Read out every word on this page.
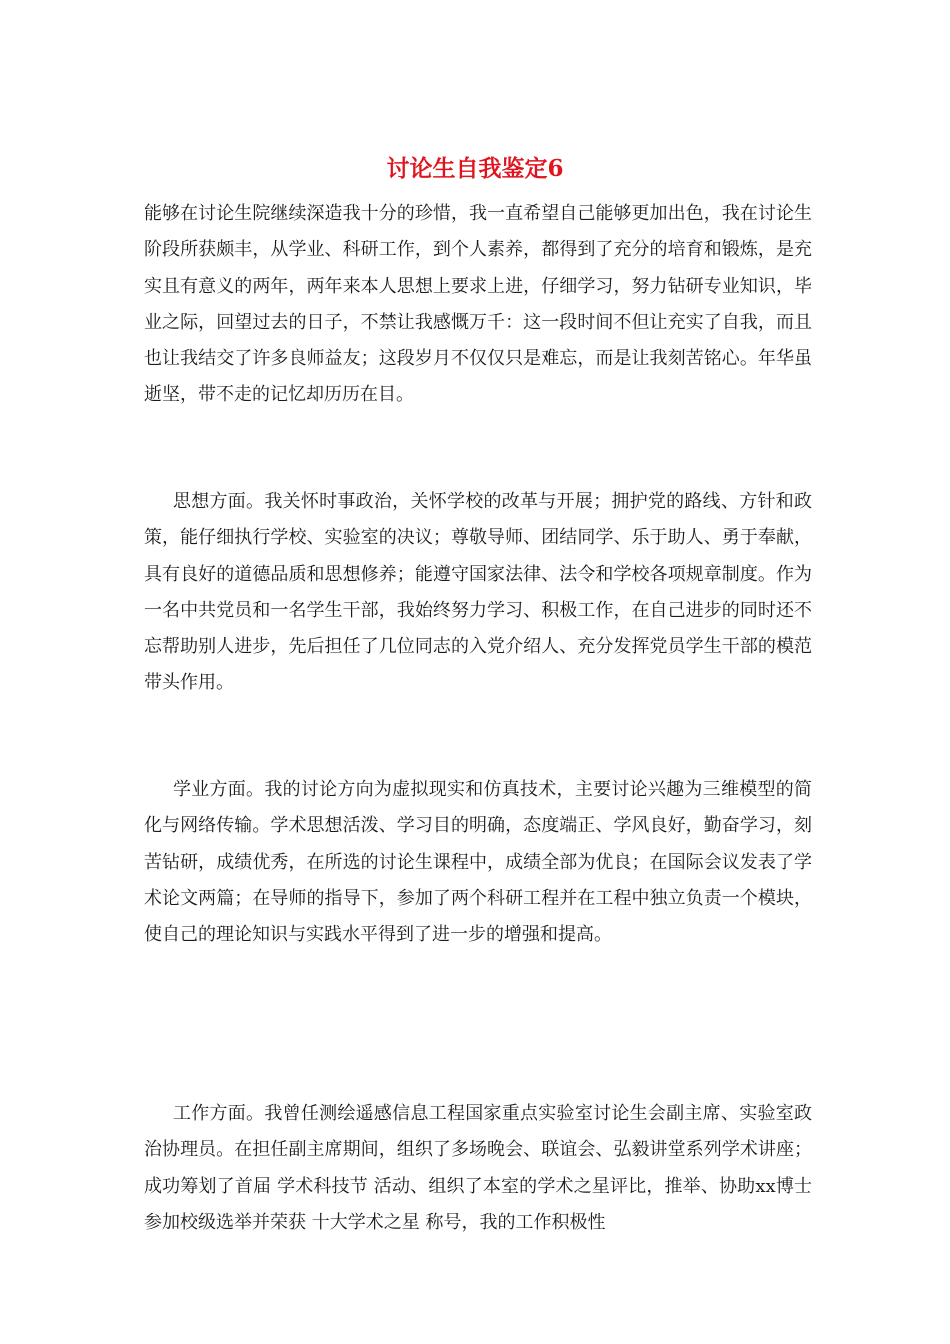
讨论生自我鉴定6

能够在讨论生院继续深造我十分的珍惜，我一直希望自己能够更加出色，我在讨论生阶段所获颇丰，从学业、科研工作，到个人素养，都得到了充分的培育和锻炼，是充实且有意义的两年，两年来本人思想上要求上进，仔细学习，努力钻研专业知识，毕业之际，回望过去的日子，不禁让我感慨万千：这一段时间不但让充实了自我，而且也让我结交了许多良师益友；这段岁月不仅仅只是难忘，而是让我刻苦铭心。年华虽逝坚，带不走的记忆却历历在目。

思想方面。我关怀时事政治，关怀学校的改革与开展；拥护党的路线、方针和政策，能仔细执行学校、实验室的决议；尊敬导师、团结同学、乐于助人、勇于奉献，具有良好的道德品质和思想修养；能遵守国家法律、法令和学校各项规章制度。作为一名中共党员和一名学生干部，我始终努力学习、积极工作，在自己进步的同时还不忘帮助别人进步，先后担任了几位同志的入党介绍人、充分发挥党员学生干部的模范带头作用。

学业方面。我的讨论方向为虚拟现实和仿真技术，主要讨论兴趣为三维模型的简化与网络传输。学术思想活泼、学习目的明确，态度端正、学风良好，勤奋学习，刻苦钻研，成绩优秀，在所选的讨论生课程中，成绩全部为优良；在国际会议发表了学术论文两篇；在导师的指导下，参加了两个科研工程并在工程中独立负责一个模块，使自己的理论知识与实践水平得到了进一步的增强和提高。

工作方面。我曾任测绘遥感信息工程国家重点实验室讨论生会副主席、实验室政治协理员。在担任副主席期间，组织了多场晚会、联谊会、弘毅讲堂系列学术讲座；成功筹划了首届 学术科技节 活动、组织了本室的学术之星评比，推举、协助xx博士参加校级选举并荣获 十大学术之星 称号，我的工作积极性
